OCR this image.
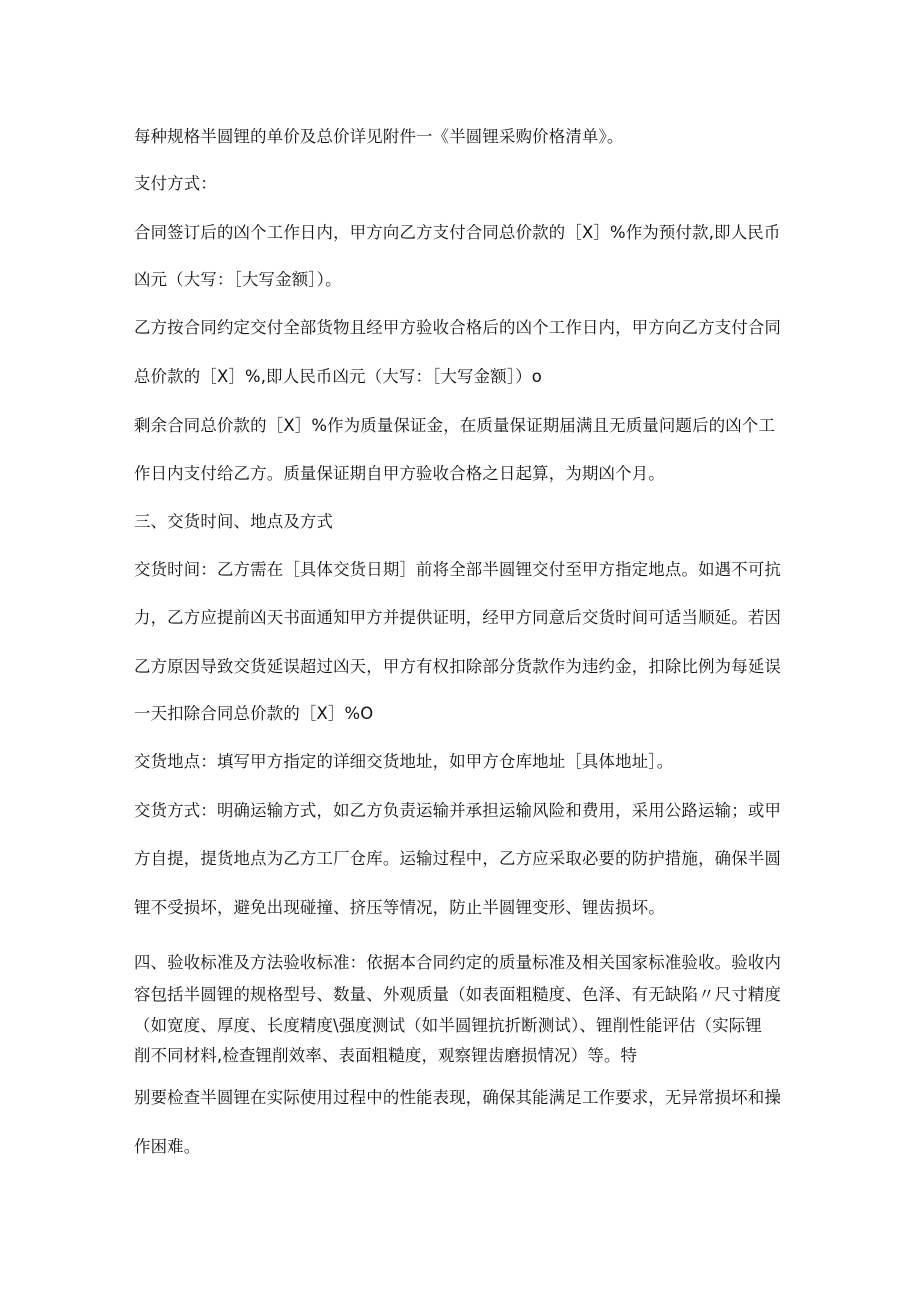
每种规格半圆锂的单价及总价详见附件一《半圆锂采购价格清单》。
支付方式：
合同签订后的凶个工作日内，甲方向乙方支付合同总价款的［X］%作为预付款,即人民币
凶元（大写：［大写金额］）。
乙方按合同约定交付全部货物且经甲方验收合格后的凶个工作日内，甲方向乙方支付合同
总价款的［X］%,即人民币凶元（大写：［大写金额］）o
剩余合同总价款的［X］%作为质量保证金，在质量保证期届满且无质量问题后的凶个工
作日内支付给乙方。质量保证期自甲方验收合格之日起算，为期凶个月。
三、交货时间、地点及方式
交货时间：乙方需在［具体交货日期］前将全部半圆锂交付至甲方指定地点。如遇不可抗
力，乙方应提前凶天书面通知甲方并提供证明，经甲方同意后交货时间可适当顺延。若因
乙方原因导致交货延误超过凶天，甲方有权扣除部分货款作为违约金，扣除比例为每延误
一天扣除合同总价款的［X］%O
交货地点：填写甲方指定的详细交货地址，如甲方仓库地址［具体地址］。
交货方式：明确运输方式，如乙方负责运输并承担运输风险和费用，采用公路运输；或甲
方自提，提货地点为乙方工厂仓库。运输过程中，乙方应采取必要的防护措施，确保半圆
锂不受损坏，避免出现碰撞、挤压等情况，防止半圆锂变形、锂齿损坏。
四、验收标准及方法验收标准：依据本合同约定的质量标准及相关国家标准验收。验收内
容包括半圆锂的规格型号、数量、外观质量（如表面粗糙度、色泽、有无缺陷〃尺寸精度
（如宽度、厚度、长度精度\强度测试（如半圆锂抗折断测试）、锂削性能评估（实际锂
削不同材料,检查锂削效率、表面粗糙度，观察锂齿磨损情况）等。特
别要检查半圆锂在实际使用过程中的性能表现，确保其能满足工作要求，无异常损坏和操
作困难。
